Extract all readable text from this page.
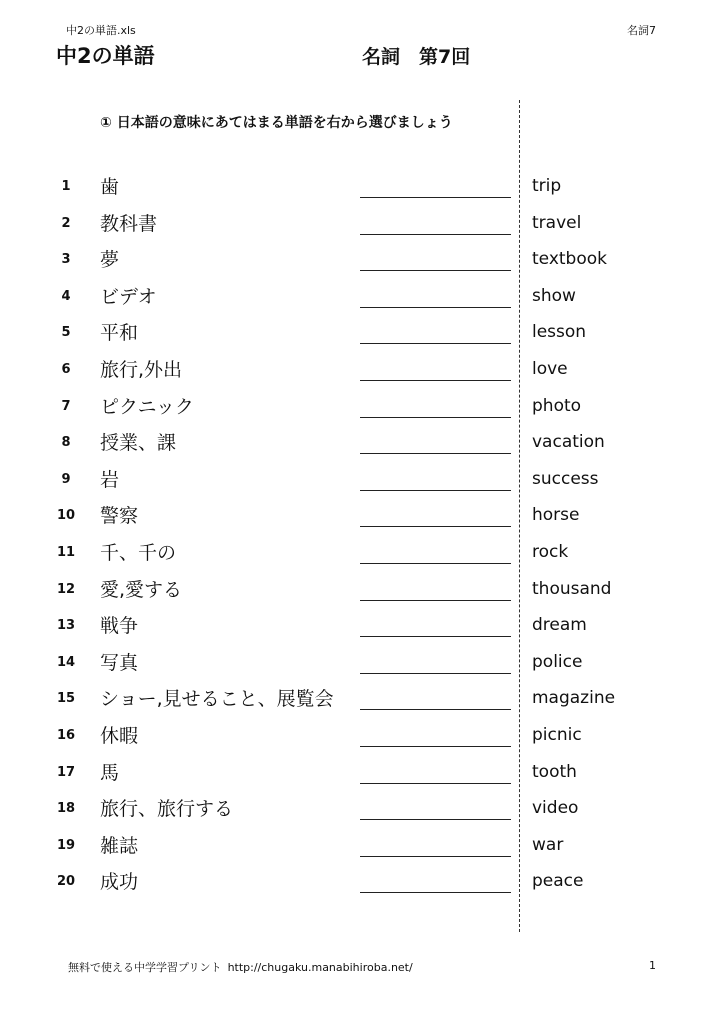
中2の単語.xls	名詞7
中2の単語	名詞　第7回
① 日本語の意味にあてはまる単語を右から選びましょう
1	歯	trip
2	教科書	travel
3	夢	textbook
4	ビデオ	show
5	平和	lesson
6	旅行,外出	love
7	ピクニック	photo
8	授業、課	vacation
9	岩	success
10 警察	horse
11 千、千の	rock
12 愛,愛する	thousand
13 戦争	dream
14 写真	police
15 ショー,見せること、展覧会	magazine
16 休暇	picnic
17 馬	tooth
18 旅行、旅行する	video
19 雑誌	war
20 成功	peace
無料で使える中学学習プリント http://chugaku.manabihiroba.net/	1
